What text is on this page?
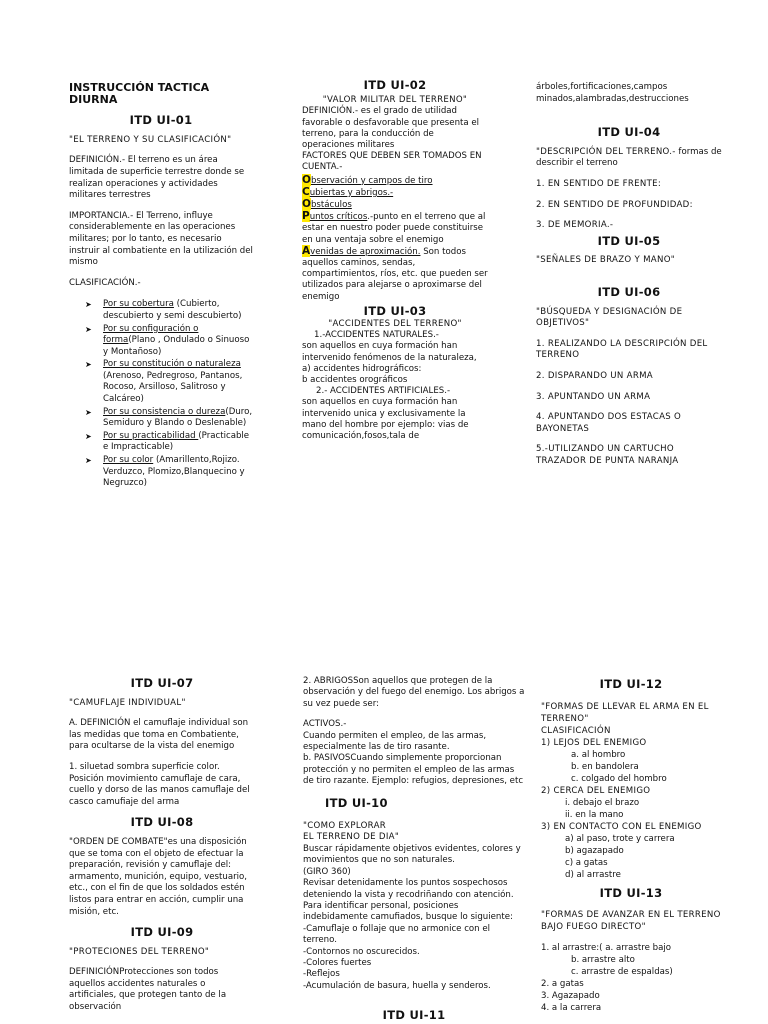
INSTRUCCIÓN TACTICA DIURNA
ITD UI-01

"EL TERRENO Y SU CLASIFICACIÓN"

DEFINICIÓN.- El terreno es un área limitada de superficie terrestre donde se realizan operaciones y actividades militares terrestres

IMPORTANCIA.- El Terreno, influye considerablemente en las operaciones militares; por lo tanto, es necesario instruir al combatiente en la utilización del mismo

CLASIFICACIÓN.-

➤ Por su cobertura (Cubierto, descubierto y semi descubierto)
➤ Por su configuración o forma(Plano , Ondulado o Sinuoso y Montañoso)
➤ Por su constitución o naturaleza (Arenoso, Pedregroso, Pantanos, Rocoso, Arsilloso, Salitroso y Calcáreo)
➤ Por su consistencia o dureza(Duro, Semiduro y Blando o Deslenable)
➤ Por su practicabilidad (Practicable e Impracticable)
➤ Por su color (Amarillento,Rojizo. Verduzco, Plomizo,Blanquecino y Negruzco)
ITD UI-02
"VALOR MILITAR DEL TERRENO"
DEFINICIÓN.- es el grado de utilidad favorable o desfavorable que presenta el terreno, para la conducción de operaciones militares
FACTORES QUE DEBEN SER TOMADOS EN CUENTA.-
Observación y campos de tiro
Cubiertas y abrigos.-
Obstáculos
Puntos críticos.-punto en el terreno que al estar en nuestro poder puede constituirse en una ventaja sobre el enemigo
Avenidas de aproximación. Son todos aquellos caminos, sendas, compartimientos, ríos, etc. que pueden ser utilizados para alejarse o aproximarse del enemigo
ITD UI-03
"ACCIDENTES DEL TERRENO"
1.-ACCIDENTES NATURALES.-
son aquellos en cuya formación han intervenido fenómenos de la naturaleza,
a) accidentes hidrográficos:
b accidentes orográficos
2.- ACCIDENTES ARTIFICIALES.-
son aquellos en cuya formación han intervenido unica y exclusivamente la mano del hombre por ejemplo: vias de comunicación,fosos,tala de
árboles,fortificaciones,campos minados,alambradas,destrucciones
ITD UI-04

"DESCRIPCIÓN DEL TERRENO.- formas de describir el terreno

1. EN SENTIDO DE FRENTE:

2. EN SENTIDO DE PROFUNDIDAD:

3. DE MEMORIA.-

ITD UI-05

"SEÑALES DE BRAZO Y MANO"

ITD UI-06

"BÚSQUEDA Y DESIGNACIÓN DE OBJETIVOS"

1. REALIZANDO LA DESCRIPCIÓN DEL TERRENO

2. DISPARANDO UN ARMA

3. APUNTANDO UN ARMA

4. APUNTANDO DOS ESTACAS O BAYONETAS

5.-UTILIZANDO UN CARTUCHO TRAZADOR DE PUNTA NARANJA

ITD UI-07

"CAMUFLAJE INDIVIDUAL"

A. DEFINICIÓN el camuflaje individual son las medidas que toma en Combatiente, para ocultarse de la vista del enemigo

1. siluetad sombra superficie color. Posición movimiento camuflaje de cara, cuello y dorso de las manos camuflaje del casco camufiaje del arma

ITD UI-08

"ORDEN DE COMBATE"es una disposición que se toma con el objeto de efectuar la preparación, revisión y camuflaje del: armamento, munición, equipo, vestuario, etc., con el fin de que los soldados estén listos para entrar en acción, cumplir una misión, etc.

ITD UI-09

"PROTECIONES DEL TERRENO"

DEFINICIÓNProtecciones son todos aquellos accidentes naturales o artificiales, que protegen tanto de la observación

2. ABRIGOSSon aquellos que protegen de la observación y del fuego del enemigo. Los abrigos a su vez puede ser:

ACTIVOS.-
Cuando permiten el empleo, de las armas, especialmente las de tiro rasante.
b. PASIVOSCuando simplemente proporcionan protección y no permiten el empleo de las armas de tiro razante. Ejemplo: refugios, depresiones, etc
ITD UI-10
"COMO EXPLORAR
EL TERRENO DE DIA"
Buscar rápidamente objetivos evidentes, colores y movimientos que no son naturales.
(GIRO 360)
Revisar detenidamente los puntos sospechosos deteniendo la vista y recodriñando con atención.
Para identificar personal, posiciones indebidamente camufiados, busque lo siguiente:
-Camuflaje o follaje que no armonice con el terreno.
-Contornos no oscurecidos.
-Colores fuertes
-Reflejos
-Acumulación de basura, huella y senderos.
ITD UI-11
ITD UI-12
"FORMAS DE LLEVAR EL ARMA EN EL TERRENO"
CLASIFICACIÓN
1) LEJOS DEL ENEMIGO
a. al hombro
b. en bandolera
c. colgado del hombro
2) CERCA DEL ENEMIGO
i. debajo el brazo
ii. en la mano
3) EN CONTACTO CON EL ENEMIGO
a) al paso, trote y carrera
b) agazapado
c) a gatas
d) al arrastre
ITD UI-13
"FORMAS DE AVANZAR EN EL TERRENO BAJO FUEGO DIRECTO"
1. al arrastre:( a. arrastre bajo
b. arrastre alto
c. arrastre de espaldas)
2. a gatas
3. Agazapado
4. a la carrera
